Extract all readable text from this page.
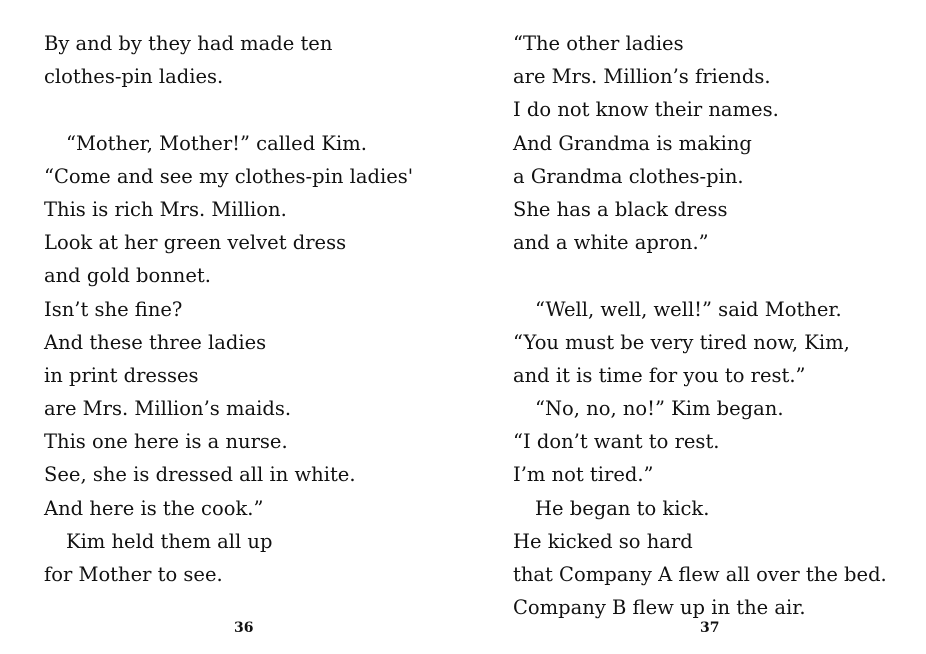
By and by they had made ten
clothes-pin ladies.
“Mother, Mother!” called Kim.
“Come and see my clothes-pin ladies'
This is rich Mrs. Million.
Look at her green velvet dress
and gold bonnet.
Isn’t she fine?
And these three ladies
in print dresses
are Mrs. Million’s maids.
This one here is a nurse.
See, she is dressed all in white.
And here is the cook.”
Kim held them all up
for Mother to see.
36
“The other ladies
are Mrs. Million’s friends.
I do not know their names.
And Grandma is making
a Grandma clothes-pin.
She has a black dress
and a white apron.”
“Well, well, well!” said Mother.
“You must be very tired now, Kim,
and it is time for you to rest.”
“No, no, no!” Kim began.
“I don’t want to rest.
I’m not tired.”
He began to kick.
He kicked so hard
that Company A flew all over the bed.
Company B flew up in the air.
37
